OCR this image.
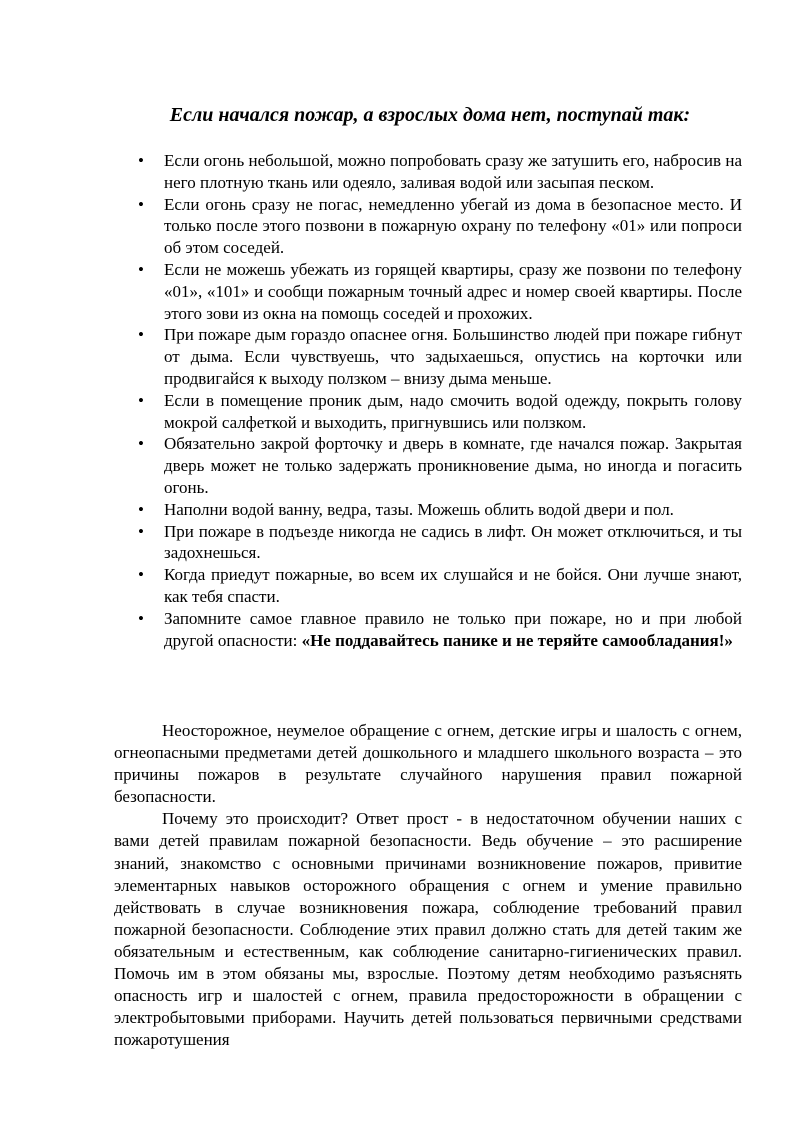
Если начался пожар, а взрослых дома нет, поступай так:
• Если огонь небольшой, можно попробовать сразу же затушить его, набросив на него плотную ткань или одеяло, заливая водой или засыпая песком.
• Если огонь сразу не погас, немедленно убегай из дома в безопасное место. И только после этого позвони в пожарную охрану по телефону «01» или попроси об этом соседей.
• Если не можешь убежать из горящей квартиры, сразу же позвони по телефону «01», «101» и сообщи пожарным точный адрес и номер своей квартиры. После этого зови из окна на помощь соседей и прохожих.
• При пожаре дым гораздо опаснее огня. Большинство людей при пожаре гибнут от дыма. Если чувствуешь, что задыхаешься, опустись на корточки или продвигайся к выходу ползком – внизу дыма меньше.
• Если в помещение проник дым, надо смочить водой одежду, покрыть голову мокрой салфеткой и выходить, пригнувшись или ползком.
• Обязательно закрой форточку и дверь в комнате, где начался пожар. Закрытая дверь может не только задержать проникновение дыма, но иногда и погасить огонь.
• Наполни водой ванну, ведра, тазы. Можешь облить водой двери и пол.
• При пожаре в подъезде никогда не садись в лифт. Он может отключиться, и ты задохнешься.
• Когда приедут пожарные, во всем их слушайся и не бойся. Они лучше знают, как тебя спасти.
• Запомните самое главное правило не только при пожаре, но и при любой другой опасности: «Не поддавайтесь панике и не теряйте самообладания!»

Неосторожное, неумелое обращение с огнем, детские игры и шалость с огнем, огнеопасными предметами детей дошкольного и младшего школьного возраста – это причины пожаров в результате случайного нарушения правил пожарной безопасности.

Почему это происходит? Ответ прост - в недостаточном обучении наших с вами детей правилам пожарной безопасности. Ведь обучение – это расширение знаний, знакомство с основными причинами возникновение пожаров, привитие элементарных навыков осторожного обращения с огнем и умение правильно действовать в случае возникновения пожара, соблюдение требований правил пожарной безопасности. Соблюдение этих правил должно стать для детей таким же обязательным и естественным, как соблюдение санитарно-гигиенических правил. Помочь им в этом обязаны мы, взрослые. Поэтому детям необходимо разъяснять опасность игр и шалостей с огнем, правила предосторожности в обращении с электробытовыми приборами. Научить детей пользоваться первичными средствами пожаротушения
